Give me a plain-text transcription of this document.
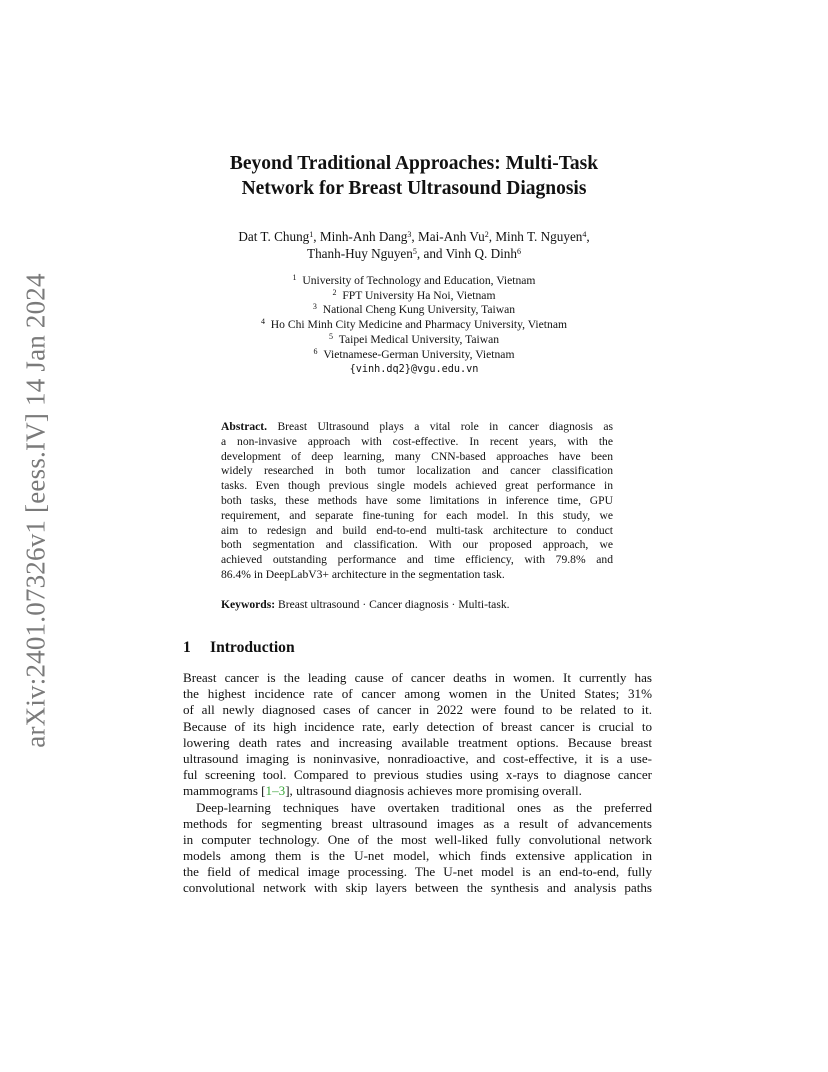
arXiv:2401.07326v1 [eess.IV] 14 Jan 2024
Beyond Traditional Approaches: Multi-Task
Network for Breast Ultrasound Diagnosis
Dat T. Chung$^1$, Minh-Anh Dang$^3$, Mai-Anh Vu$^2$, Minh T. Nguyen$^4$,
Thanh-Huy Nguyen$^5$, and Vinh Q. Dinh$^6$
$^1$ University of Technology and Education, Vietnam
$^2$ FPT University Ha Noi, Vietnam
$^3$ National Cheng Kung University, Taiwan
$^4$ Ho Chi Minh City Medicine and Pharmacy University, Vietnam
$^5$ Taipei Medical University, Taiwan
$^6$ Vietnamese-German University, Vietnam
{vinh.dq2}@vgu.edu.vn
Abstract. Breast Ultrasound plays a vital role in cancer diagnosis as
a non-invasive approach with cost-effective. In recent years, with the
development of deep learning, many CNN-based approaches have been
widely researched in both tumor localization and cancer classification
tasks. Even though previous single models achieved great performance in
both tasks, these methods have some limitations in inference time, GPU
requirement, and separate fine-tuning for each model. In this study, we
aim to redesign and build end-to-end multi-task architecture to conduct
both segmentation and classification. With our proposed approach, we
achieved outstanding performance and time efficiency, with 79.8% and
86.4% in DeepLabV3+ architecture in the segmentation task.
Keywords: Breast ultrasound · Cancer diagnosis · Multi-task.
1 Introduction
Breast cancer is the leading cause of cancer deaths in women. It currently has
the highest incidence rate of cancer among women in the United States; 31%
of all newly diagnosed cases of cancer in 2022 were found to be related to it.
Because of its high incidence rate, early detection of breast cancer is crucial to
lowering death rates and increasing available treatment options. Because breast
ultrasound imaging is noninvasive, nonradioactive, and cost-effective, it is a use-
ful screening tool. Compared to previous studies using x-rays to diagnose cancer
mammograms [1–3], ultrasound diagnosis achieves more promising overall.
Deep-learning techniques have overtaken traditional ones as the preferred
methods for segmenting breast ultrasound images as a result of advancements
in computer technology. One of the most well-liked fully convolutional network
models among them is the U-net model, which finds extensive application in
the field of medical image processing. The U-net model is an end-to-end, fully
convolutional network with skip layers between the synthesis and analysis paths
